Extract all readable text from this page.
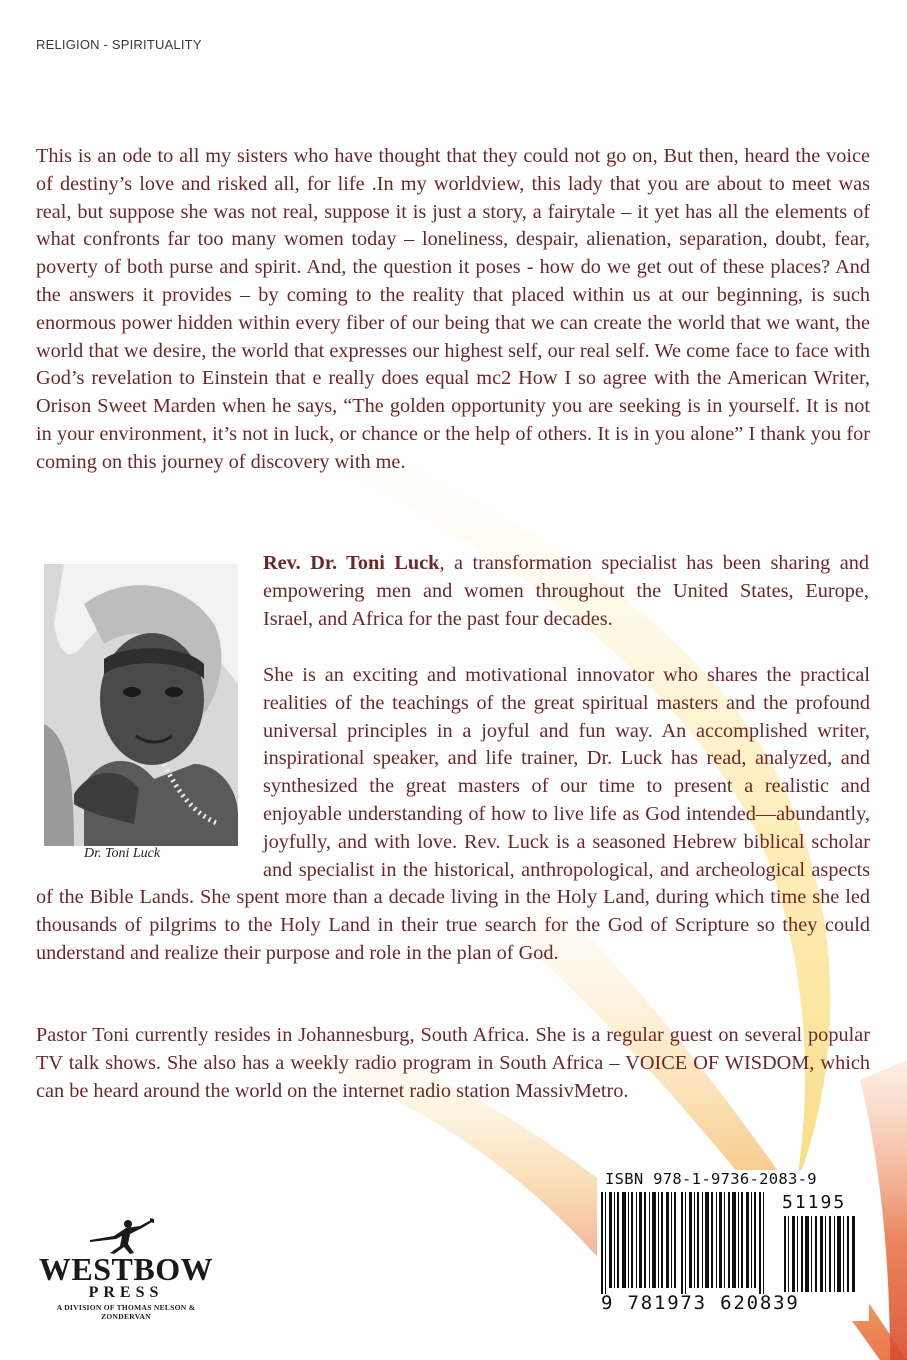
RELIGION - SPIRITUALITY

This is an ode to all my sisters who have thought that they could not go on, But then, heard the voice of destiny’s love and risked all, for life .In my worldview, this lady that you are about to meet was real, but suppose she was not real, suppose it is just a story, a fairytale – it yet has all the elements of what confronts far too many women today – loneliness, despair, alienation, separation, doubt, fear, poverty of both purse and spirit. And, the question it poses - how do we get out of these places? And the answers it provides – by coming to the reality that placed within us at our beginning, is such enormous power hidden within every fiber of our being that we can create the world that we want, the world that we desire, the world that expresses our highest self, our real self. We come face to face with God’s revelation to Einstein that e really does equal mc2 How I so agree with the American Writer, Orison Sweet Marden when he says, “The golden opportunity you are seeking is in yourself. It is not in your environment, it’s not in luck, or chance or the help of others. It is in you alone” I thank you for coming on this journey of discovery with me.

Dr. Toni Luck

Rev. Dr. Toni Luck, a transformation specialist has been sharing and empowering men and women throughout the United States, Europe, Israel, and Africa for the past four decades.

She is an exciting and motivational innovator who shares the practical realities of the teachings of the great spiritual masters and the profound universal principles in a joyful and fun way. An accomplished writer, inspirational speaker, and life trainer, Dr. Luck has read, analyzed, and synthesized the great masters of our time to present a realistic and enjoyable understanding of how to live life as God intended—abundantly, joyfully, and with love. Rev. Luck is a seasoned Hebrew biblical scholar and specialist in the historical, anthropological, and archeological aspects of the Bible Lands. She spent more than a decade living in the Holy Land, during which time she led thousands of pilgrims to the Holy Land in their true search for the God of Scripture so they could understand and realize their purpose and role in the plan of God.

Pastor Toni currently resides in Johannesburg, South Africa. She is a regular guest on several popular TV talk shows. She also has a weekly radio program in South Africa – VOICE OF WISDOM, which can be heard around the world on the internet radio station MassivMetro.

U.S. $11.95
ISBN 978-1-9736-2083-9
51195
9 781973 620839
WESTBOW
PRESS
A DIVISION OF THOMAS NELSON & ZONDERVAN
